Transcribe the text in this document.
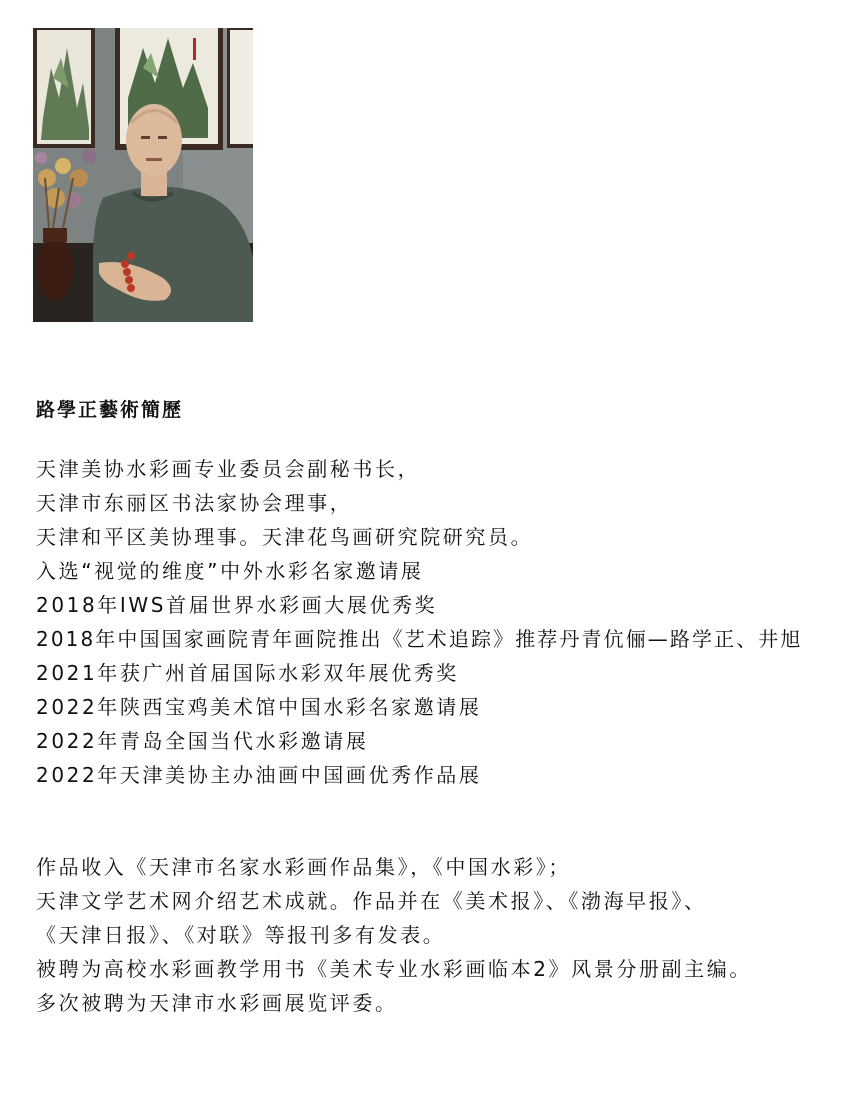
路學正藝術簡歷
天津美协水彩画专业委员会副秘书长，
天津市东丽区书法家协会理事，
天津和平区美协理事。天津花鸟画研究院研究员。
入选“视觉的维度”中外水彩名家邀请展
2018年IWS首届世界水彩画大展优秀奖
2018年中国国家画院青年画院推出《艺术追踪》推荐丹青伉俪—路学正、井旭
2021年获广州首届国际水彩双年展优秀奖
2022年陕西宝鸡美术馆中国水彩名家邀请展
2022年青岛全国当代水彩邀请展
2022年天津美协主办油画中国画优秀作品展
作品收入《天津市名家水彩画作品集》，《中国水彩》；
天津文学艺术网介绍艺术成就。作品并在《美术报》、《渤海早报》、
《天津日报》、《对联》等报刊多有发表。
被聘为高校水彩画教学用书《美术专业水彩画临本2》风景分册副主编。
多次被聘为天津市水彩画展览评委。
